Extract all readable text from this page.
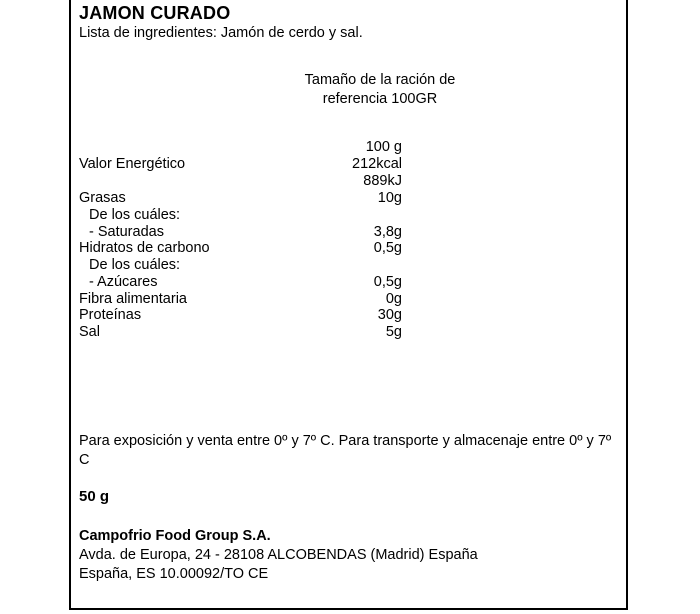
JAMON CURADO
Lista de ingredientes: Jamón de cerdo y sal.
Tamaño de la ración de
referencia 100GR
100 g
Valor Energético	212kcal
889kJ
Grasas	10g
De los cuáles:
- Saturadas	3,8g
Hidratos de carbono	0,5g
De los cuáles:
- Azúcares	0,5g
Fibra alimentaria	0g
Proteínas	30g
Sal	5g
Para exposición y venta entre 0º y 7º C. Para transporte y almacenaje entre 0º y 7º C
50 g
Campofrio Food Group S.A.
Avda. de Europa, 24 - 28108 ALCOBENDAS (Madrid) España
España, ES 10.00092/TO CE
